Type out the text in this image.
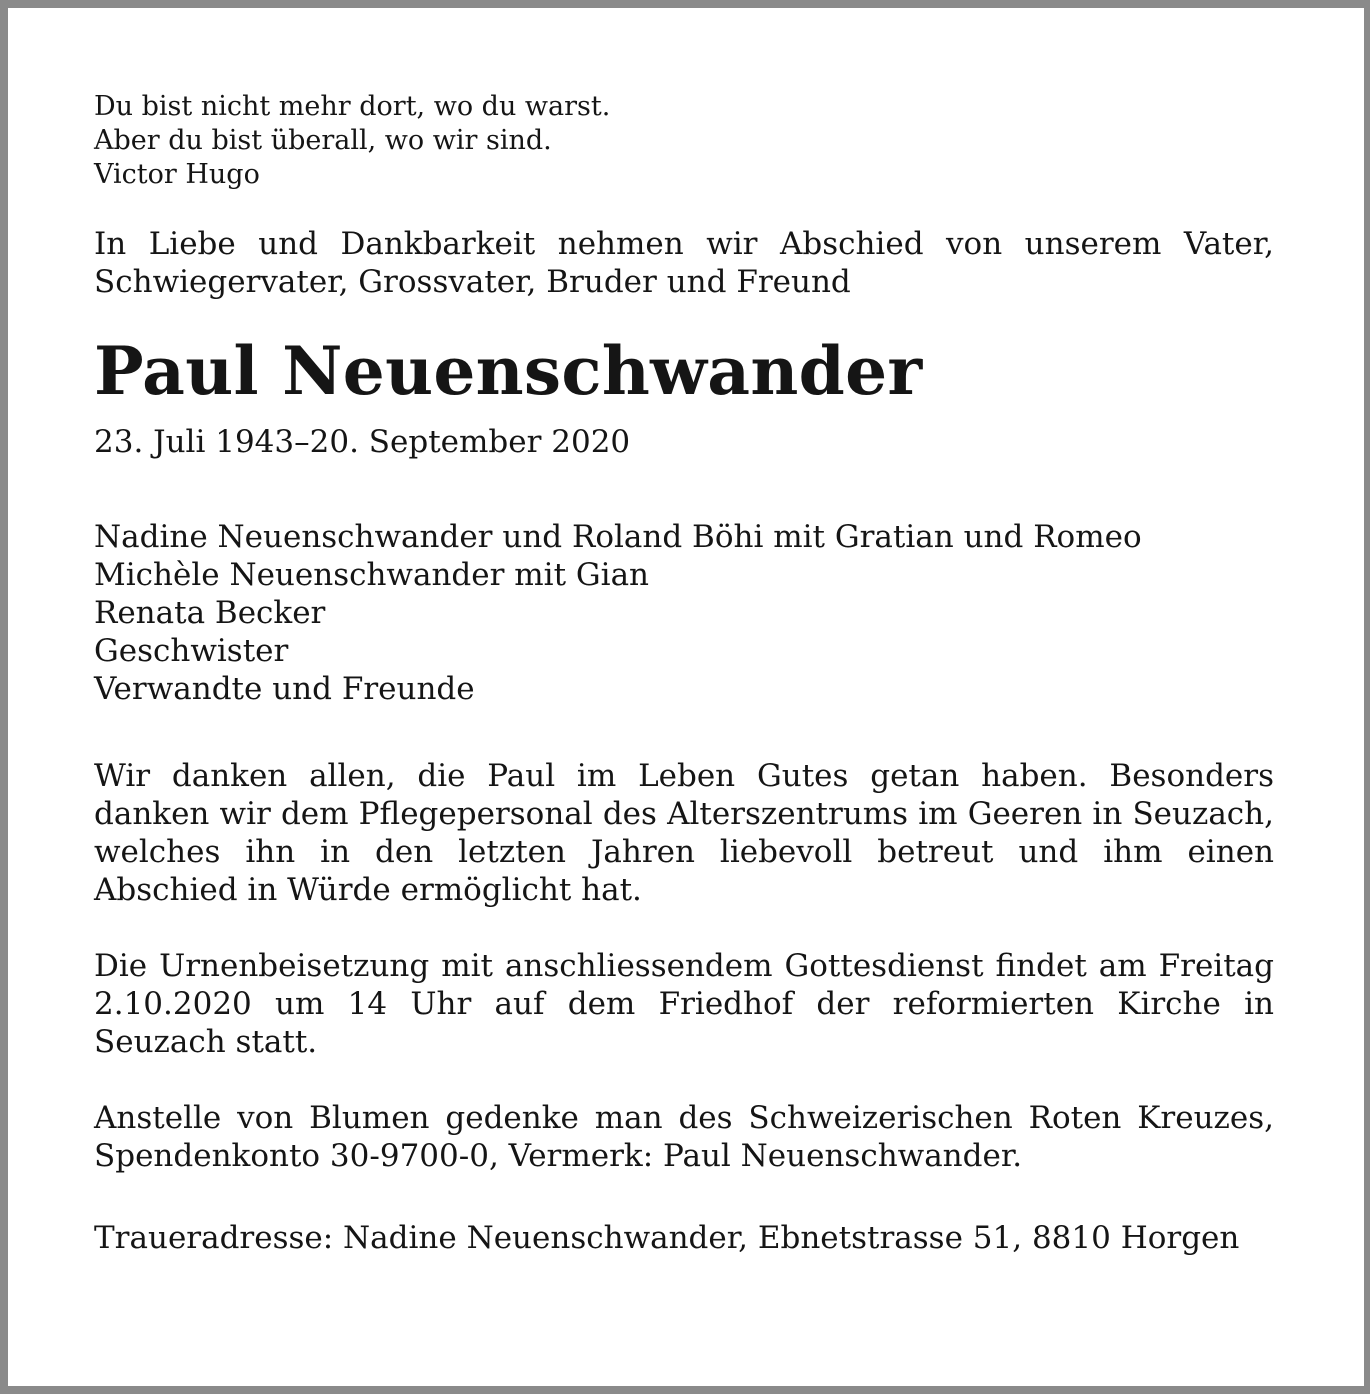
Du bist nicht mehr dort, wo du warst.
Aber du bist überall, wo wir sind.
Victor Hugo

In Liebe und Dankbarkeit nehmen wir Abschied von unserem Vater, Schwiegervater, Grossvater, Bruder und Freund

Paul Neuenschwander
23. Juli 1943–20. September 2020
Nadine Neuenschwander und Roland Böhi mit Gratian und Romeo
Michèle Neuenschwander mit Gian
Renata Becker
Geschwister
Verwandte und Freunde

Wir danken allen, die Paul im Leben Gutes getan haben. Besonders danken wir dem Pflegepersonal des Alterszentrums im Geeren in Seuzach, welches ihn in den letzten Jahren liebevoll betreut und ihm einen Abschied in Würde ermöglicht hat.

Die Urnenbeisetzung mit anschliessendem Gottesdienst findet am Freitag 2.10.2020 um 14 Uhr auf dem Friedhof der reformierten Kirche in Seuzach statt.

Anstelle von Blumen gedenke man des Schweizerischen Roten Kreuzes, Spendenkonto 30-9700-0, Vermerk: Paul Neuenschwander.

Traueradresse: Nadine Neuenschwander, Ebnetstrasse 51, 8810 Horgen
